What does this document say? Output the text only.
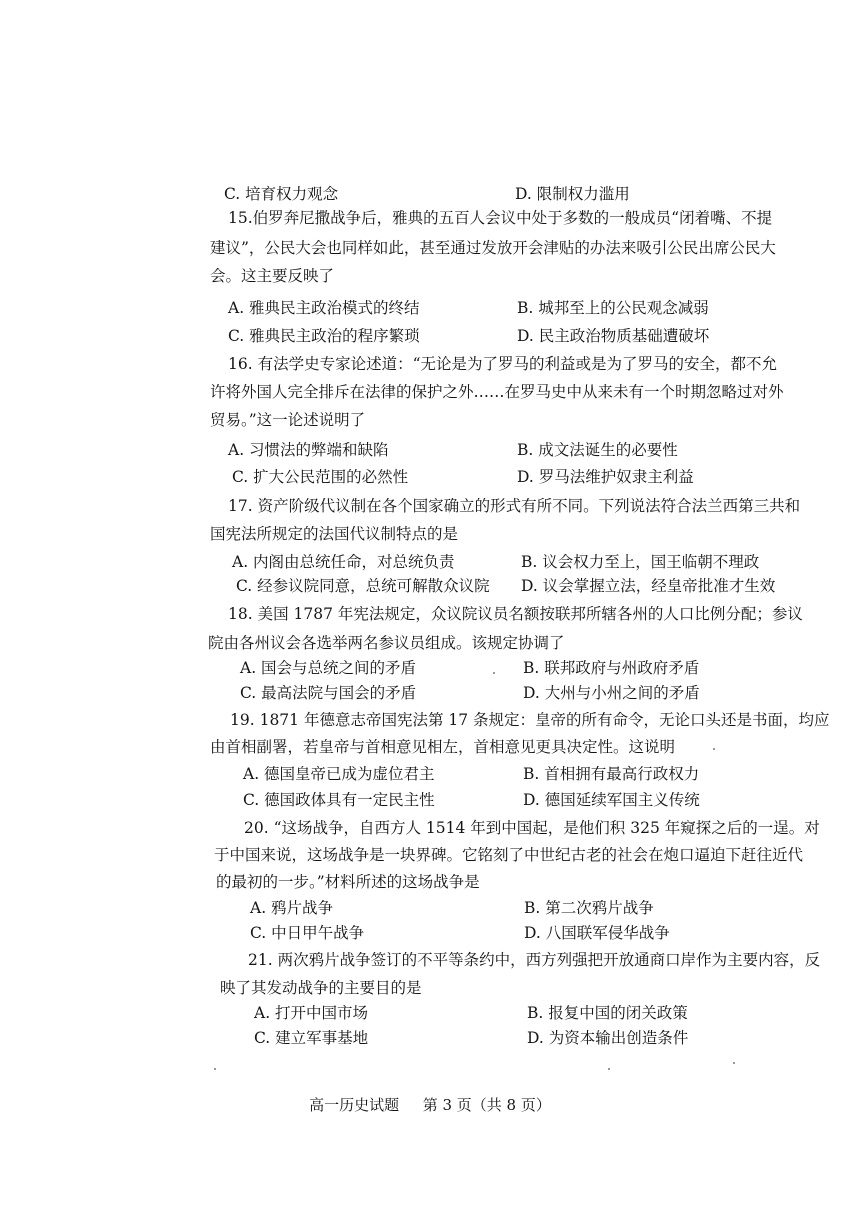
C. 培育权力观念	D. 限制权力滥用
15.伯罗奔尼撒战争后，雅典的五百人会议中处于多数的一般成员“闭着嘴、不提
建议”，公民大会也同样如此，甚至通过发放开会津贴的办法来吸引公民出席公民大
会。这主要反映了
A. 雅典民主政治模式的终结	B. 城邦至上的公民观念减弱
C. 雅典民主政治的程序繁琐	D. 民主政治物质基础遭破坏
16. 有法学史专家论述道：“无论是为了罗马的利益或是为了罗马的安全，都不允
许将外国人完全排斥在法律的保护之外……在罗马史中从来未有一个时期忽略过对外
贸易。”这一论述说明了
A. 习惯法的弊端和缺陷	B. 成文法诞生的必要性
C. 扩大公民范围的必然性	D. 罗马法维护奴隶主利益
17. 资产阶级代议制在各个国家确立的形式有所不同。下列说法符合法兰西第三共和
国宪法所规定的法国代议制特点的是
A. 内阁由总统任命，对总统负责	B. 议会权力至上，国王临朝不理政
C. 经参议院同意，总统可解散众议院 D. 议会掌握立法，经皇帝批准才生效
18. 美国 1787 年宪法规定，众议院议员名额按联邦所辖各州的人口比例分配；参议
院由各州议会各选举两名参议员组成。该规定协调了
A. 国会与总统之间的矛盾	B. 联邦政府与州政府矛盾
C. 最高法院与国会的矛盾	D. 大州与小州之间的矛盾
19. 1871 年德意志帝国宪法第 17 条规定：皇帝的所有命令，无论口头还是书面，均应
由首相副署，若皇帝与首相意见相左，首相意见更具决定性。这说明
A. 德国皇帝已成为虚位君主	B. 首相拥有最高行政权力
C. 德国政体具有一定民主性	D. 德国延续军国主义传统
20. “这场战争，自西方人 1514 年到中国起，是他们积 325 年窥探之后的一逞。对
于中国来说，这场战争是一块界碑。它铭刻了中世纪古老的社会在炮口逼迫下赶往近代
的最初的一步。”材料所述的这场战争是
A. 鸦片战争	B. 第二次鸦片战争
C. 中日甲午战争	D. 八国联军侵华战争
21. 两次鸦片战争签订的不平等条约中，西方列强把开放通商口岸作为主要内容，反
映了其发动战争的主要目的是
A. 打开中国市场	B. 报复中国的闭关政策
C. 建立军事基地	D. 为资本输出创造条件
高一历史试题 第 3 页（共 8 页）
